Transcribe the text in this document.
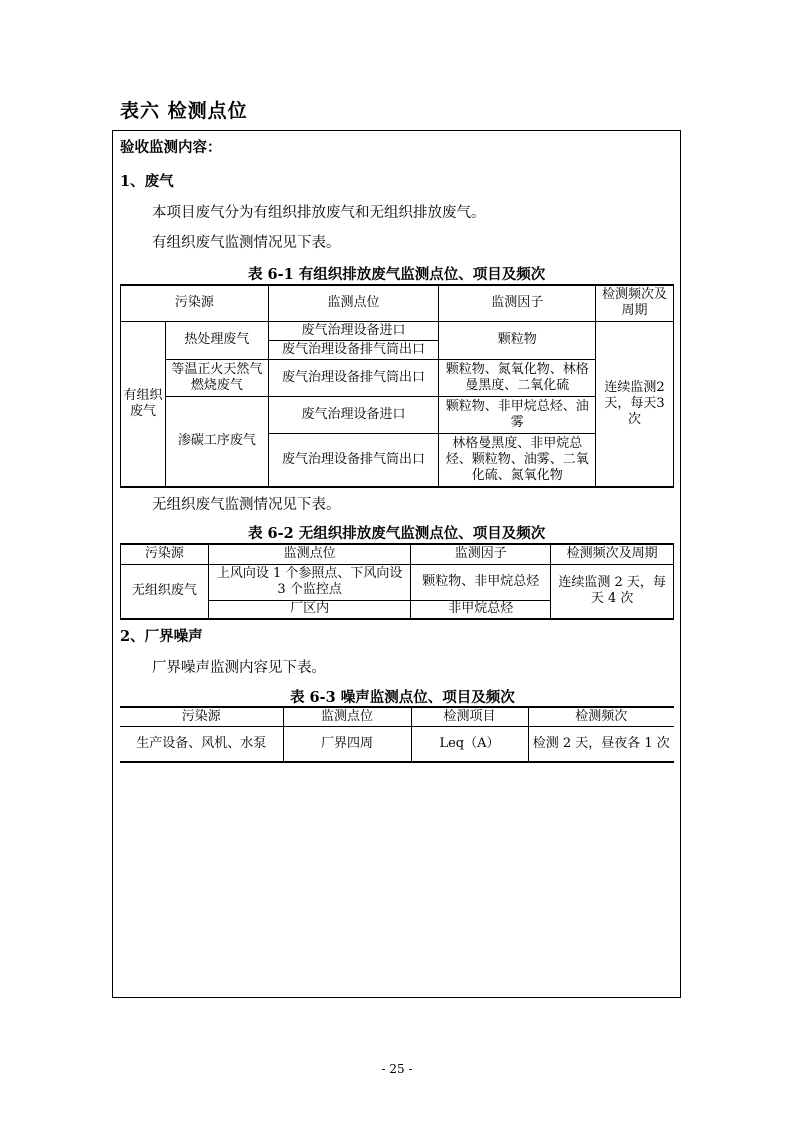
表六 检测点位
验收监测内容：
1、废气
本项目废气分为有组织排放废气和无组织排放废气。
有组织废气监测情况见下表。
表 6-1 有组织排放废气监测点位、项目及频次
污染源		监测点位	监测因子	检测频次及周期
有组织废气	热处理废气	废气治理设备进口	颗粒物	连续监测2天，每天3次
		废气治理设备排气筒出口		
	等温正火天然气燃烧废气	废气治理设备排气筒出口	颗粒物、氮氧化物、林格曼黑度、二氧化硫	
	渗碳工序废气	废气治理设备进口	颗粒物、非甲烷总烃、油雾	
		废气治理设备排气筒出口	林格曼黑度、非甲烷总烃、颗粒物、油雾、二氧化硫、氮氧化物	
无组织废气监测情况见下表。
表 6-2 无组织排放废气监测点位、项目及频次
污染源	监测点位	监测因子	检测频次及周期
无组织废气	上风向设 1 个参照点、下风向设 3 个监控点	颗粒物、非甲烷总烃	连续监测 2 天，每天 4 次
	厂区内	非甲烷总烃	
2、厂界噪声
厂界噪声监测内容见下表。
表 6-3 噪声监测点位、项目及频次
污染源	监测点位	检测项目	检测频次
生产设备、风机、水泵	厂界四周	Leq（A）	检测 2 天，昼夜各 1 次
- 25 -
